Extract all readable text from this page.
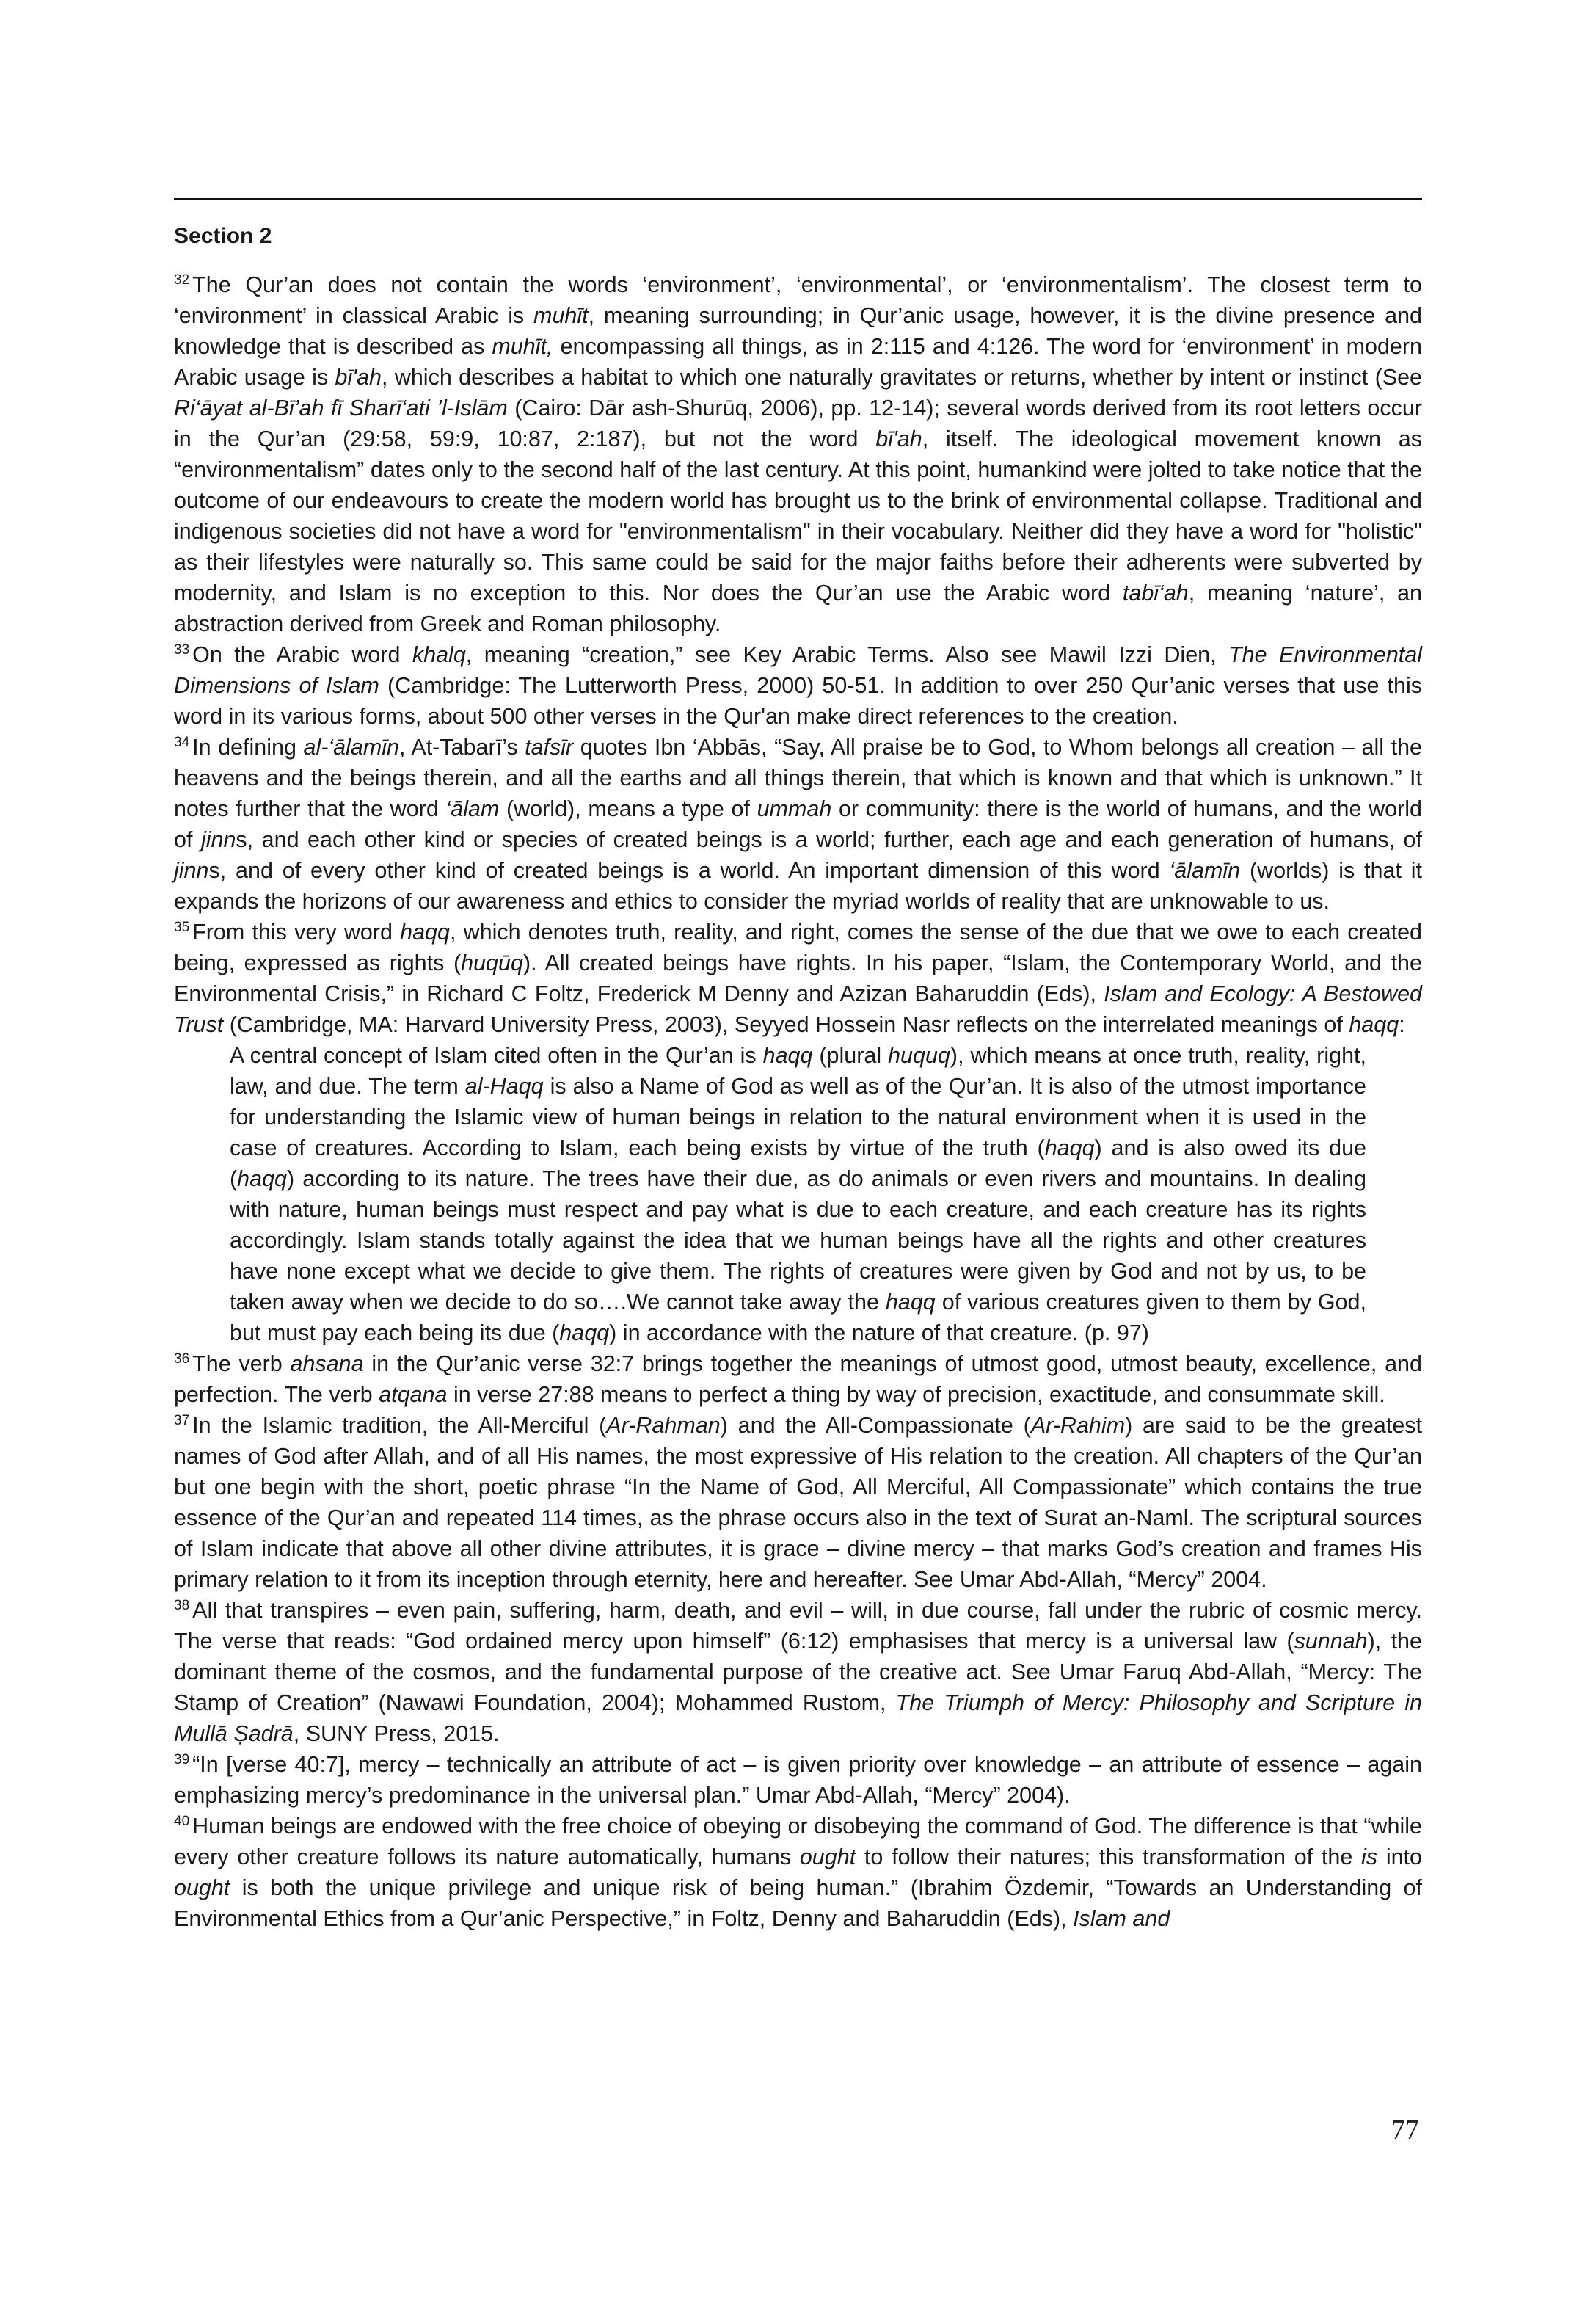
Section 2

$^{32}$ The Qur’an does not contain the words ‘environment’, ‘environmental’, or ‘environmentalism’. The closest term to ‘environment’ in classical Arabic is muhīt, meaning surrounding; in Qur’anic usage, however, it is the divine presence and knowledge that is described as muhīt, encompassing all things, as in 2:115 and 4:126. The word for ‘environment’ in modern Arabic usage is bī'ah, which describes a habitat to which one naturally gravitates or returns, whether by intent or instinct (See Ri‘āyat al-Bī’ah fī Sharī‘ati ’l-Islām (Cairo: Dār ash-Shurūq, 2006), pp. 12-14); several words derived from its root letters occur in the Qur’an (29:58, 59:9, 10:87, 2:187), but not the word bī'ah, itself. The ideological movement known as “environmentalism” dates only to the second half of the last century. At this point, humankind were jolted to take notice that the outcome of our endeavours to create the modern world has brought us to the brink of environmental collapse. Traditional and indigenous societies did not have a word for "environmentalism" in their vocabulary. Neither did they have a word for "holistic" as their lifestyles were naturally so. This same could be said for the major faiths before their adherents were subverted by modernity, and Islam is no exception to this. Nor does the Qur’an use the Arabic word tabī‘ah, meaning ‘nature’, an abstraction derived from Greek and Roman philosophy.

$^{33}$ On the Arabic word khalq, meaning “creation,” see Key Arabic Terms. Also see Mawil Izzi Dien, The Environmental Dimensions of Islam (Cambridge: The Lutterworth Press, 2000) 50-51. In addition to over 250 Qur’anic verses that use this word in its various forms, about 500 other verses in the Qur'an make direct references to the creation.

$^{34}$ In defining al-‘ālamīn, At-Tabarī’s tafsīr quotes Ibn ‘Abbās, “Say, All praise be to God, to Whom belongs all creation – all the heavens and the beings therein, and all the earths and all things therein, that which is known and that which is unknown.” It notes further that the word ‘ālam (world), means a type of ummah or community: there is the world of humans, and the world of jinns, and each other kind or species of created beings is a world; further, each age and each generation of humans, of jinns, and of every other kind of created beings is a world. An important dimension of this word ‘ālamīn (worlds) is that it expands the horizons of our awareness and ethics to consider the myriad worlds of reality that are unknowable to us.

$^{35}$ From this very word haqq, which denotes truth, reality, and right, comes the sense of the due that we owe to each created being, expressed as rights (huqūq). All created beings have rights. In his paper, “Islam, the Contemporary World, and the Environmental Crisis,” in Richard C Foltz, Frederick M Denny and Azizan Baharuddin (Eds), Islam and Ecology: A Bestowed Trust (Cambridge, MA: Harvard University Press, 2003), Seyyed Hossein Nasr reflects on the interrelated meanings of haqq:

A central concept of Islam cited often in the Qur’an is haqq (plural huquq), which means at once truth, reality, right, law, and due. The term al-Haqq is also a Name of God as well as of the Qur’an. It is also of the utmost importance for understanding the Islamic view of human beings in relation to the natural environment when it is used in the case of creatures. According to Islam, each being exists by virtue of the truth (haqq) and is also owed its due (haqq) according to its nature. The trees have their due, as do animals or even rivers and mountains. In dealing with nature, human beings must respect and pay what is due to each creature, and each creature has its rights accordingly. Islam stands totally against the idea that we human beings have all the rights and other creatures have none except what we decide to give them. The rights of creatures were given by God and not by us, to be taken away when we decide to do so….We cannot take away the haqq of various creatures given to them by God, but must pay each being its due (haqq) in accordance with the nature of that creature. (p. 97)

$^{36}$ The verb ahsana in the Qur’anic verse 32:7 brings together the meanings of utmost good, utmost beauty, excellence, and perfection. The verb atqana in verse 27:88 means to perfect a thing by way of precision, exactitude, and consummate skill.

$^{37}$ In the Islamic tradition, the All-Merciful (Ar-Rahman) and the All-Compassionate (Ar-Rahim) are said to be the greatest names of God after Allah, and of all His names, the most expressive of His relation to the creation. All chapters of the Qur’an but one begin with the short, poetic phrase “In the Name of God, All Merciful, All Compassionate” which contains the true essence of the Qur’an and repeated 114 times, as the phrase occurs also in the text of Surat an-Naml. The scriptural sources of Islam indicate that above all other divine attributes, it is grace – divine mercy – that marks God’s creation and frames His primary relation to it from its inception through eternity, here and hereafter. See Umar Abd-Allah, “Mercy” 2004.

$^{38}$ All that transpires – even pain, suffering, harm, death, and evil – will, in due course, fall under the rubric of cosmic mercy. The verse that reads: “God ordained mercy upon himself” (6:12) emphasises that mercy is a universal law (sunnah), the dominant theme of the cosmos, and the fundamental purpose of the creative act. See Umar Faruq Abd-Allah, “Mercy: The Stamp of Creation” (Nawawi Foundation, 2004); Mohammed Rustom, The Triumph of Mercy: Philosophy and Scripture in Mullā Ṣadrā, SUNY Press, 2015.

$^{39}$ “In [verse 40:7], mercy – technically an attribute of act – is given priority over knowledge – an attribute of essence – again emphasizing mercy’s predominance in the universal plan.” Umar Abd-Allah, “Mercy” 2004).

$^{40}$ Human beings are endowed with the free choice of obeying or disobeying the command of God. The difference is that “while every other creature follows its nature automatically, humans ought to follow their natures; this transformation of the is into ought is both the unique privilege and unique risk of being human.” (Ibrahim Özdemir, “Towards an Understanding of Environmental Ethics from a Qur’anic Perspective,” in Foltz, Denny and Baharuddin (Eds), Islam and

77
